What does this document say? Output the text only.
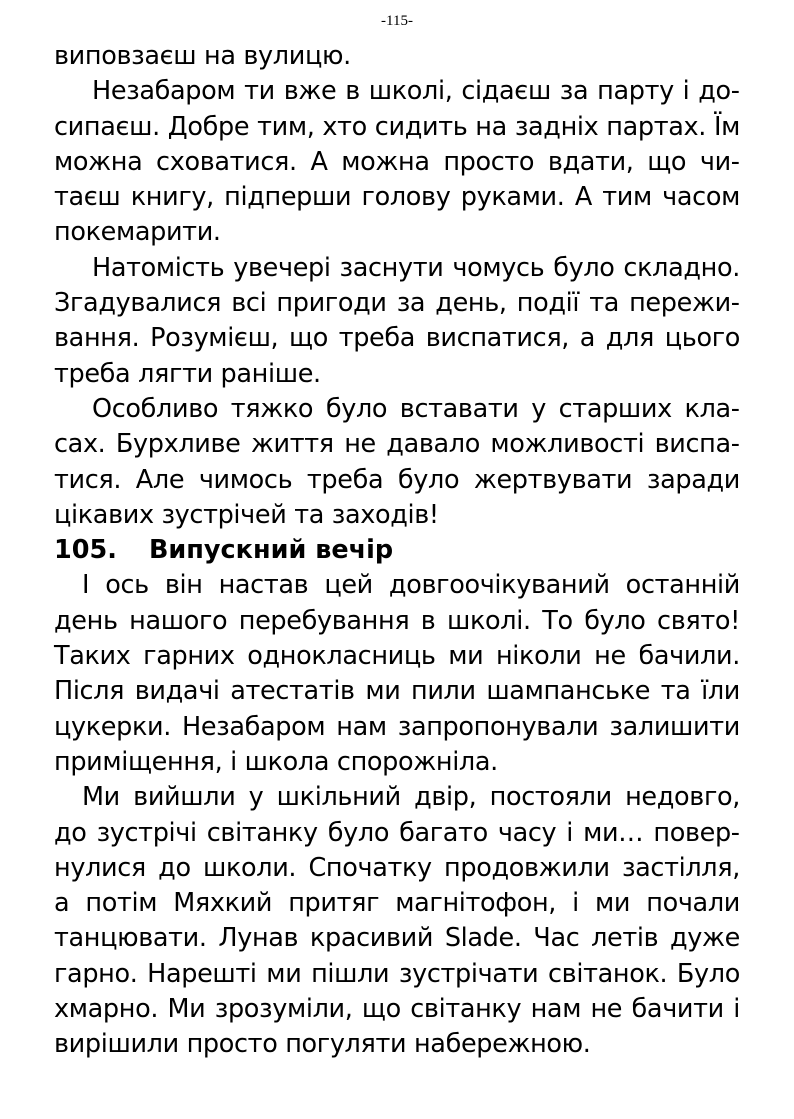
-115-

виповзаєш на вулицю.

Незабаром ти вже в школі, сідаєш за парту і досипаєш. Добре тим, хто сидить на задніх партах. Їм можна сховатися. А можна просто вдати, що читаєш книгу, підперши голову руками. А тим часом покемарити.

Натомість увечері заснути чомусь було складно. Згадувалися всі пригоди за день, події та переживання. Розумієш, що треба виспатися, а для цього треба лягти раніше.

Особливо тяжко було вставати у старших класах. Бурхливе життя не давало можливості виспатися. Але чимось треба було жертвувати заради цікавих зустрічей та заходів!

105. Випускний вечір

І ось він настав цей довгоочікуваний останній день нашого перебування в школі. То було свято! Таких гарних однокласниць ми ніколи не бачили. Після видачі атестатів ми пили шампанське та їли цукерки. Незабаром нам запропонували залишити приміщення, і школа спорожніла.

Ми вийшли у шкільний двір, постояли недовго, до зустрічі світанку було багато часу і ми… повернулися до школи. Спочатку продовжили застілля, а потім Мяхкий притяг магнітофон, і ми почали танцювати. Лунав красивий Slade. Час летів дуже гарно. Нарешті ми пішли зустрічати світанок. Було хмарно. Ми зрозуміли, що світанку нам не бачити і вирішили просто погуляти набережною.
